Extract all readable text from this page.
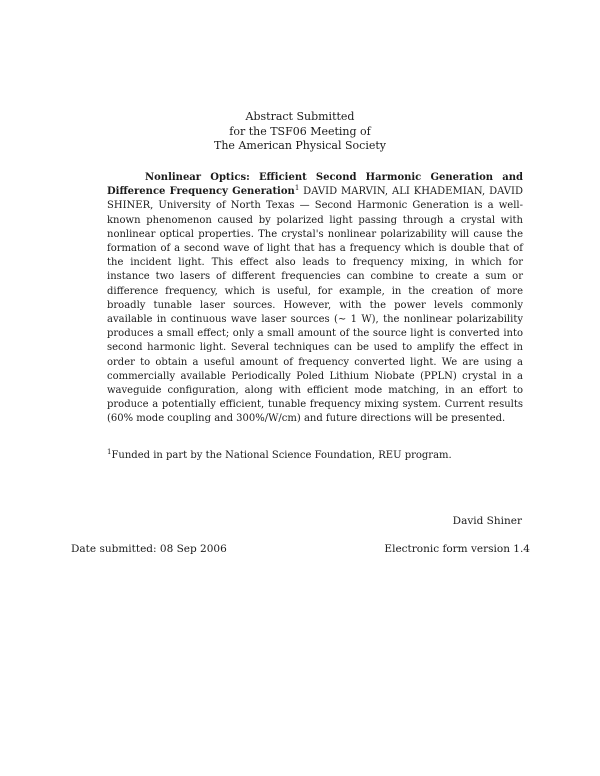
Abstract Submitted
for the TSF06 Meeting of
The American Physical Society
Nonlinear Optics: Efficient Second Harmonic Generation and Difference Frequency Generation$^1$ DAVID MARVIN, ALI KHADEMIAN, DAVID SHINER, University of North Texas — Second Harmonic Generation is a well-known phenomenon caused by polarized light passing through a crystal with nonlinear optical properties. The crystal's nonlinear polarizability will cause the formation of a second wave of light that has a frequency which is double that of the incident light. This effect also leads to frequency mixing, in which for instance two lasers of different frequencies can combine to create a sum or difference frequency, which is useful, for example, in the creation of more broadly tunable laser sources. However, with the power levels commonly available in continuous wave laser sources (∼ 1 W), the nonlinear polarizability produces a small effect; only a small amount of the source light is converted into second harmonic light. Several techniques can be used to amplify the effect in order to obtain a useful amount of frequency converted light. We are using a commercially available Periodically Poled Lithium Niobate (PPLN) crystal in a waveguide configuration, along with efficient mode matching, in an effort to produce a potentially efficient, tunable frequency mixing system. Current results (60% mode coupling and 300%/W/cm) and future directions will be presented.
$^1$Funded in part by the National Science Foundation, REU program.
David Shiner
Date submitted: 08 Sep 2006	Electronic form version 1.4
